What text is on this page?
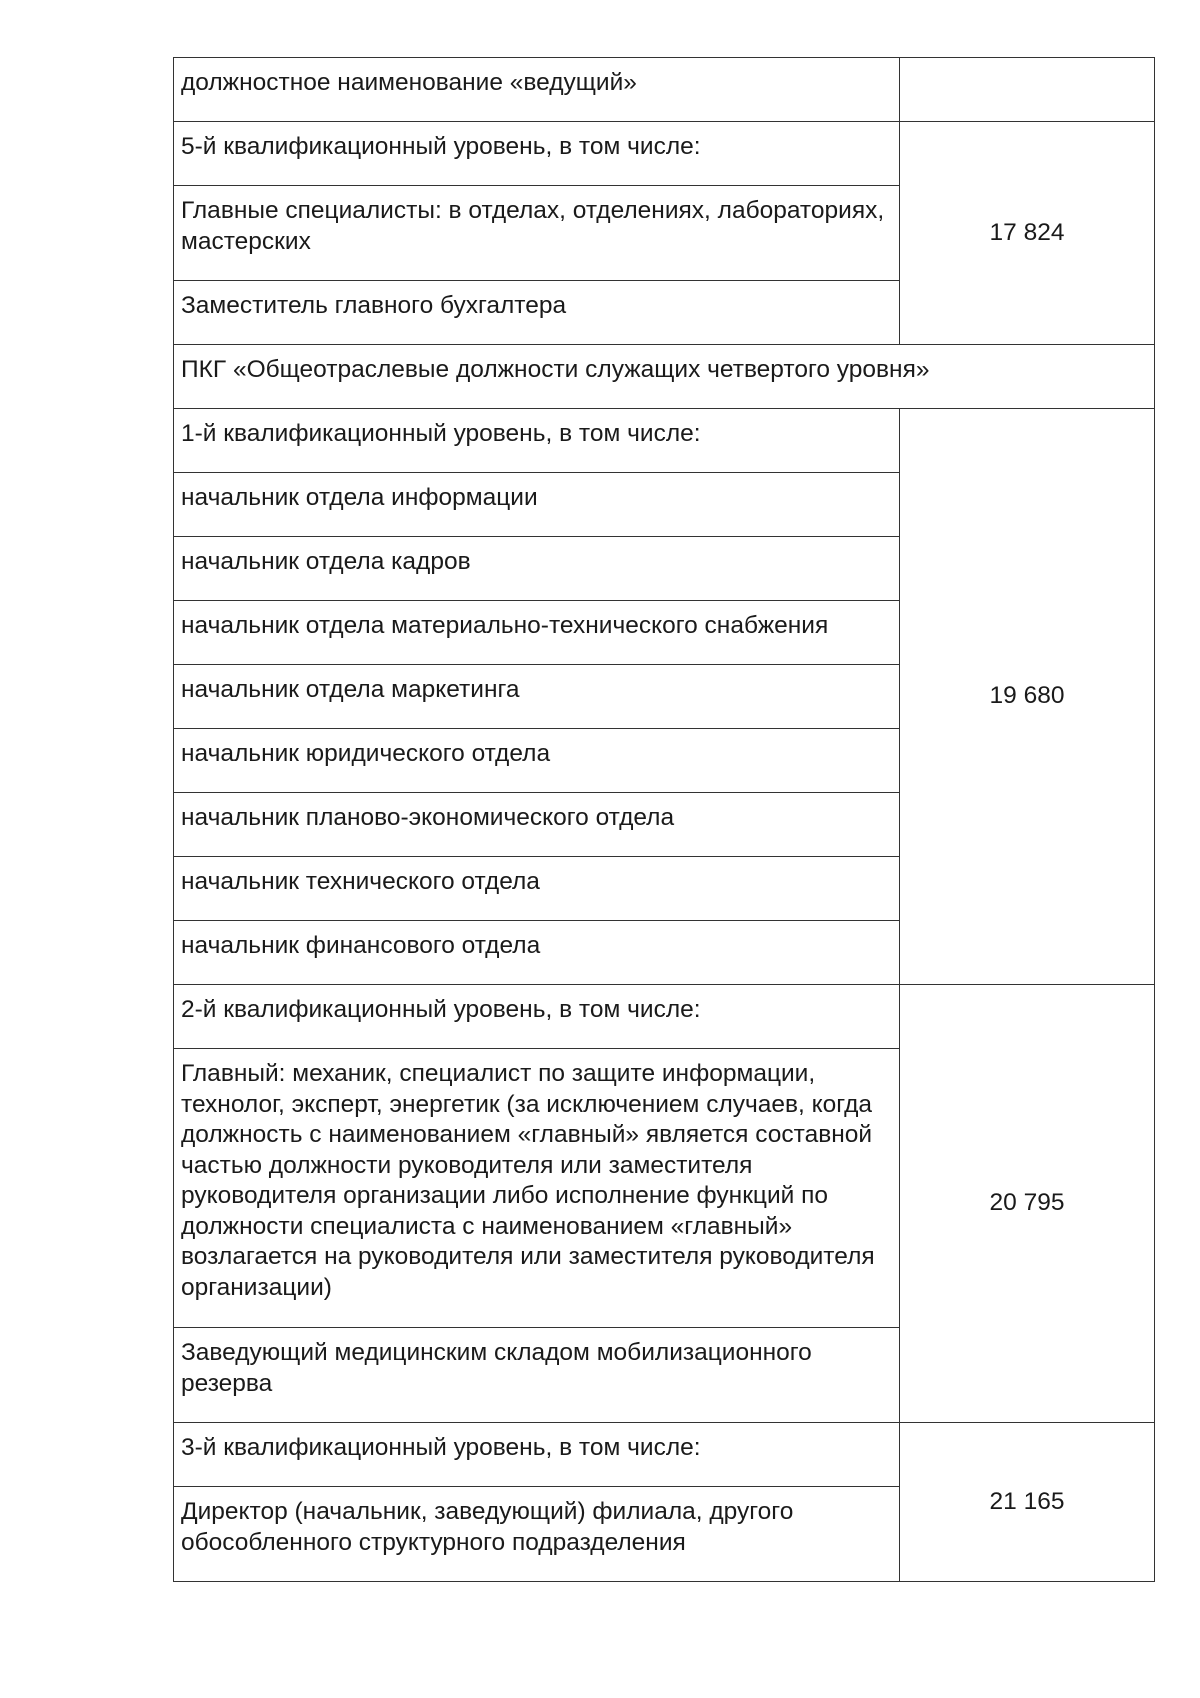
должностное наименование «ведущий»	
5-й квалификационный уровень, в том числе:	17 824
Главные специалисты: в отделах, отделениях, лабораториях, мастерских	
Заместитель главного бухгалтера	
ПКГ «Общеотраслевые должности служащих четвертого уровня»	
1-й квалификационный уровень, в том числе:	19 680
начальник отдела информации	
начальник отдела кадров	
начальник отдела материально-технического снабжения	
начальник отдела маркетинга	
начальник юридического отдела	
начальник планово-экономического отдела	
начальник технического отдела	
начальник финансового отдела	
2-й квалификационный уровень, в том числе:	20 795
Главный: механик, специалист по защите информации, технолог, эксперт, энергетик (за исключением случаев, когда должность с наименованием «главный» является составной частью должности руководителя или заместителя руководителя организации либо исполнение функций по должности специалиста с наименованием «главный» возлагается на руководителя или заместителя руководителя организации)	
Заведующий медицинским складом мобилизационного резерва	
3-й квалификационный уровень, в том числе:	21 165
Директор (начальник, заведующий) филиала, другого обособленного структурного подразделения	
